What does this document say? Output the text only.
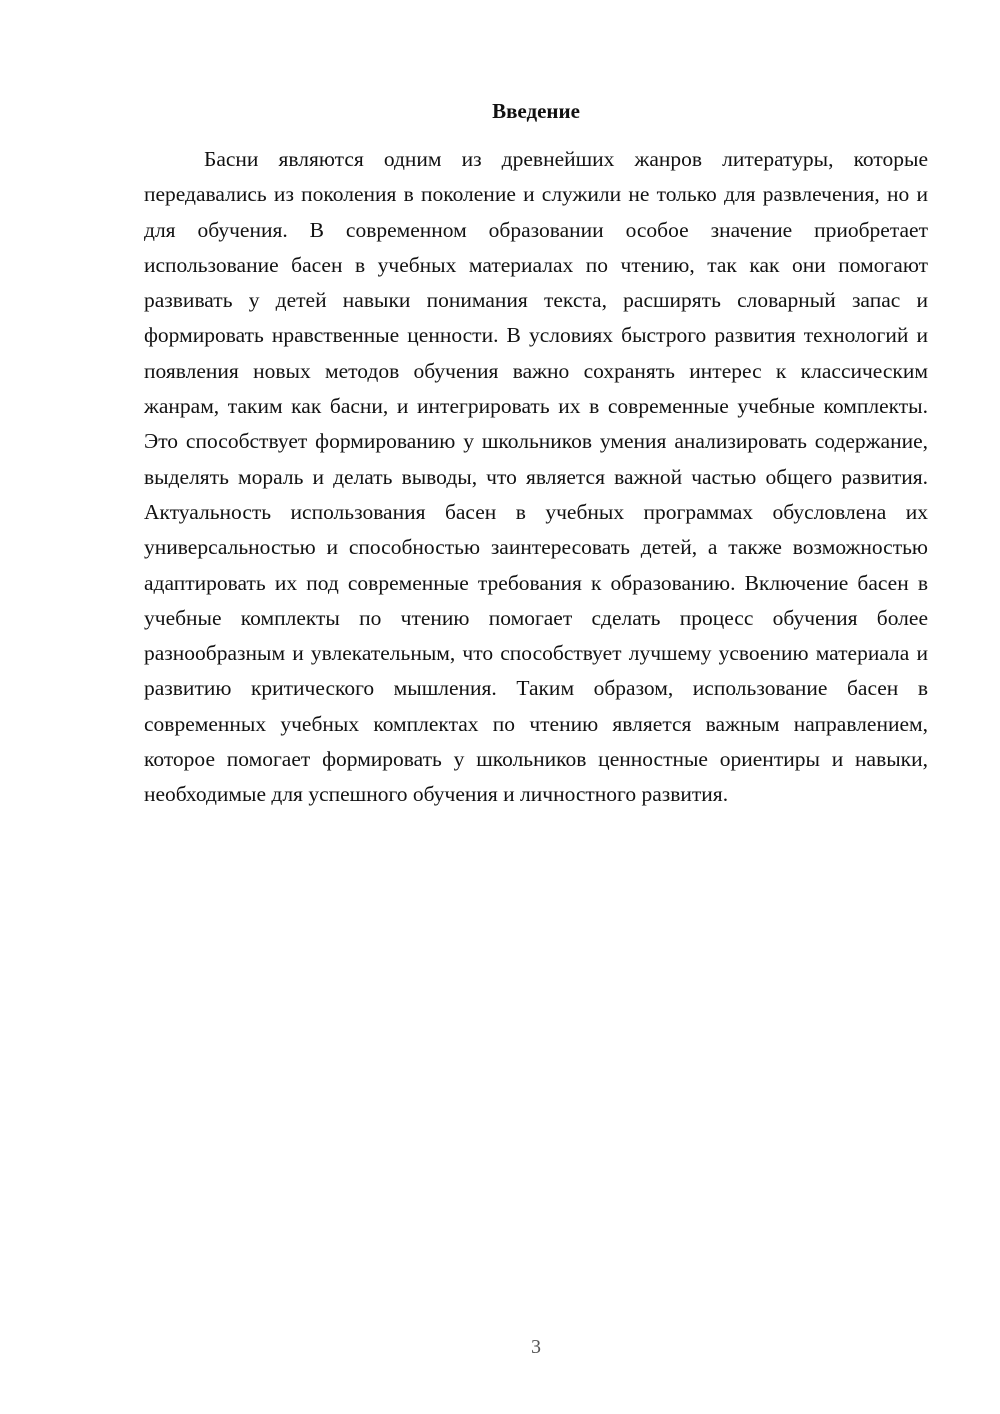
Введение

Басни являются одним из древнейших жанров литературы, которые передавались из поколения в поколение и служили не только для развлечения, но и для обучения. В современном образовании особое значение приобретает использование басен в учебных материалах по чтению, так как они помогают развивать у детей навыки понимания текста, расширять словарный запас и формировать нравственные ценности. В условиях быстрого развития технологий и появления новых методов обучения важно сохранять интерес к классическим жанрам, таким как басни, и интегрировать их в современные учебные комплекты. Это способствует формированию у школьников умения анализировать содержание, выделять мораль и делать выводы, что является важной частью общего развития. Актуальность использования басен в учебных программах обусловлена их универсальностью и способностью заинтересовать детей, а также возможностью адаптировать их под современные требования к образованию. Включение басен в учебные комплекты по чтению помогает сделать процесс обучения более разнообразным и увлекательным, что способствует лучшему усвоению материала и развитию критического мышления. Таким образом, использование басен в современных учебных комплектах по чтению является важным направлением, которое помогает формировать у школьников ценностные ориентиры и навыки, необходимые для успешного обучения и личностного развития.

3
